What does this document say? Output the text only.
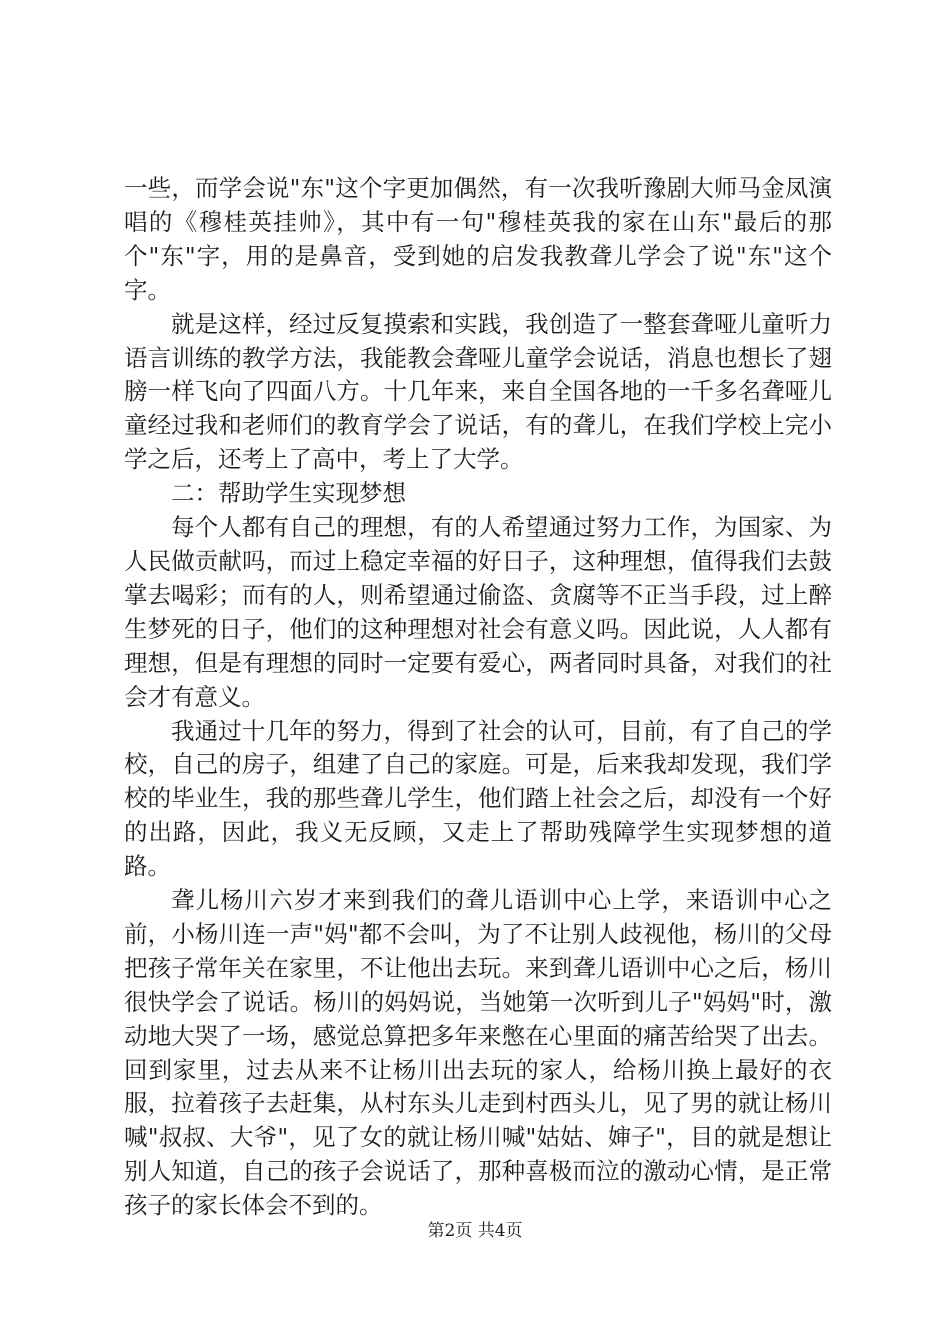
一些，而学会说"东"这个字更加偶然，有一次我听豫剧大师马金凤演唱的《穆桂英挂帅》，其中有一句"穆桂英我的家在山东"最后的那个"东"字，用的是鼻音，受到她的启发我教聋儿学会了说"东"这个字。

就是这样，经过反复摸索和实践，我创造了一整套聋哑儿童听力语言训练的教学方法，我能教会聋哑儿童学会说话，消息也想长了翅膀一样飞向了四面八方。十几年来，来自全国各地的一千多名聋哑儿童经过我和老师们的教育学会了说话，有的聋儿，在我们学校上完小学之后，还考上了高中，考上了大学。

二：帮助学生实现梦想

每个人都有自己的理想，有的人希望通过努力工作，为国家、为人民做贡献吗，而过上稳定幸福的好日子，这种理想，值得我们去鼓掌去喝彩；而有的人，则希望通过偷盗、贪腐等不正当手段，过上醉生梦死的日子，他们的这种理想对社会有意义吗。因此说，人人都有理想，但是有理想的同时一定要有爱心，两者同时具备，对我们的社会才有意义。

我通过十几年的努力，得到了社会的认可，目前，有了自己的学校，自己的房子，组建了自己的家庭。可是，后来我却发现，我们学校的毕业生，我的那些聋儿学生，他们踏上社会之后，却没有一个好的出路，因此，我义无反顾，又走上了帮助残障学生实现梦想的道路。

聋儿杨川六岁才来到我们的聋儿语训中心上学，来语训中心之前，小杨川连一声"妈"都不会叫，为了不让别人歧视他，杨川的父母把孩子常年关在家里，不让他出去玩。来到聋儿语训中心之后，杨川很快学会了说话。杨川的妈妈说，当她第一次听到儿子"妈妈"时，激动地大哭了一场，感觉总算把多年来憋在心里面的痛苦给哭了出去。回到家里，过去从来不让杨川出去玩的家人，给杨川换上最好的衣服，拉着孩子去赶集，从村东头儿走到村西头儿，见了男的就让杨川喊"叔叔、大爷"，见了女的就让杨川喊"姑姑、婶子"，目的就是想让别人知道，自己的孩子会说话了，那种喜极而泣的激动心情，是正常孩子的家长体会不到的。

第2页 共4页
